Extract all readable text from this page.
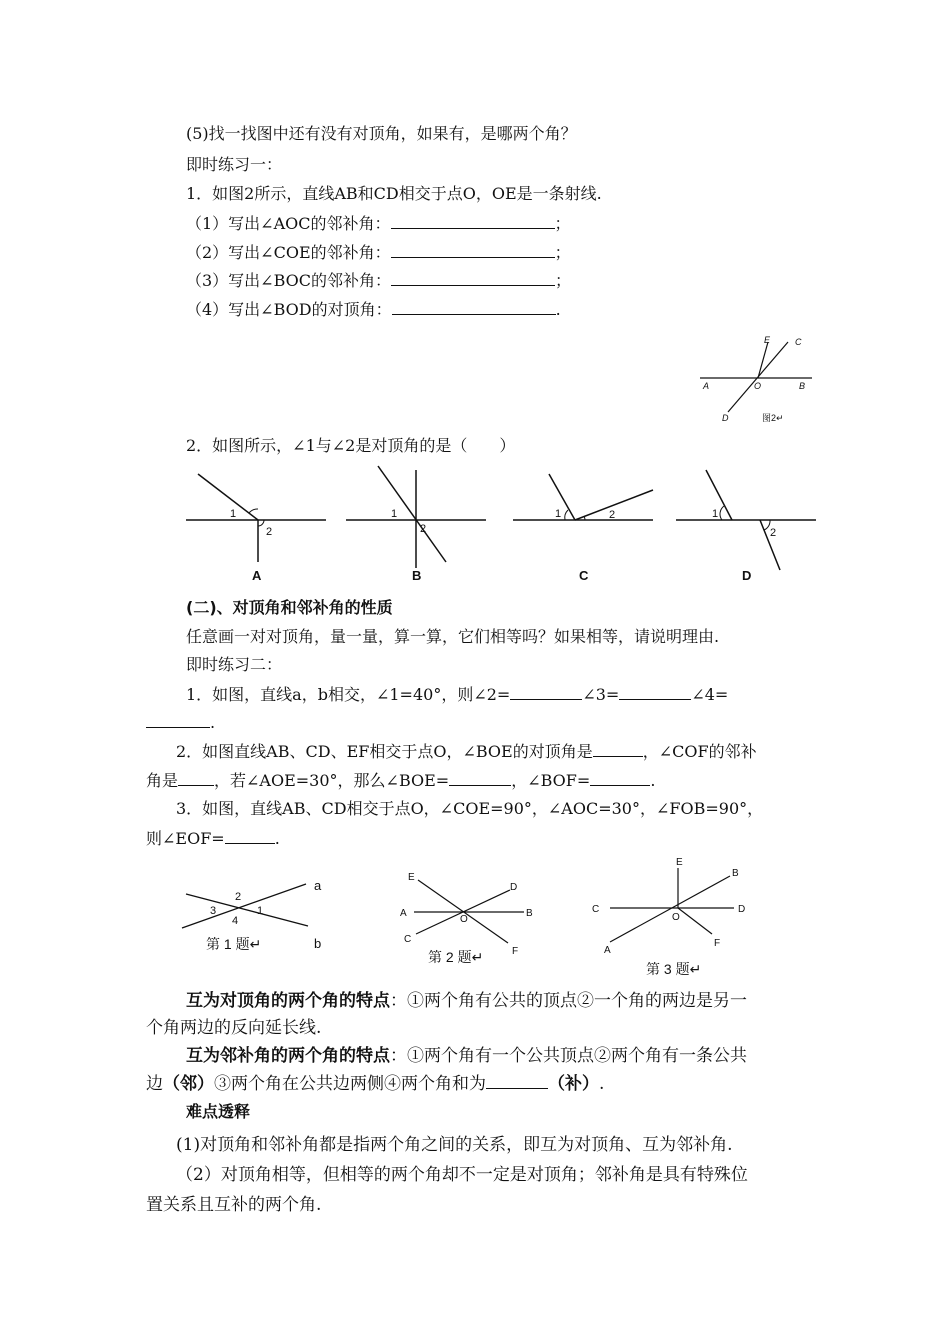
(5)找一找图中还有没有对顶角，如果有，是哪两个角？
即时练习一：
1．如图2所示，直线AB和CD相交于点O，OE是一条射线.
（1）写出∠AOC的邻补角：	；
（2）写出∠COE的邻补角：	；
（3）写出∠BOC的邻补角：	；
（4）写出∠BOD的对顶角：	.
E	C
A	O	B
D	图2↵
2．如图所示，∠1与∠2是对顶角的是（　　）
1
2
A
1
2
B
1	2
C
1
2
D
(二)、对顶角和邻补角的性质
任意画一对对顶角，量一量，算一算，它们相等吗？如果相等，请说明理由.
即时练习二：
1．如图，直线a，b相交，∠1=40°，则∠2=	∠3=	∠4=
.
2．如图直线AB、CD、EF相交于点O，∠BOE的对顶角是	，∠COF的邻补
角是 ，若∠AOE=30°，那么∠BOE=	，∠BOF=	.
3．如图，直线AB、CD相交于点O，∠COE=90°，∠AOC=30°，∠FOB=90°，
则∠EOF=	.
a
b
2
3	1
4
第 1 题↵
E
D
A
O
B
C
F
第 2 题↵
E
B
C
O
D
A
F
第 3 题↵
互为对顶角的两个角的特点：①两个角有公共的顶点②一个角的两边是另一
个角两边的反向延长线.
互为邻补角的两个角的特点：①两个角有一个公共顶点②两个角有一条公共
边（邻）③两个角在公共边两侧④两个角和为	（补）.
难点透释
(1)对顶角和邻补角都是指两个角之间的关系，即互为对顶角、互为邻补角.
（2）对顶角相等，但相等的两个角却不一定是对顶角；邻补角是具有特殊位
置关系且互补的两个角.
